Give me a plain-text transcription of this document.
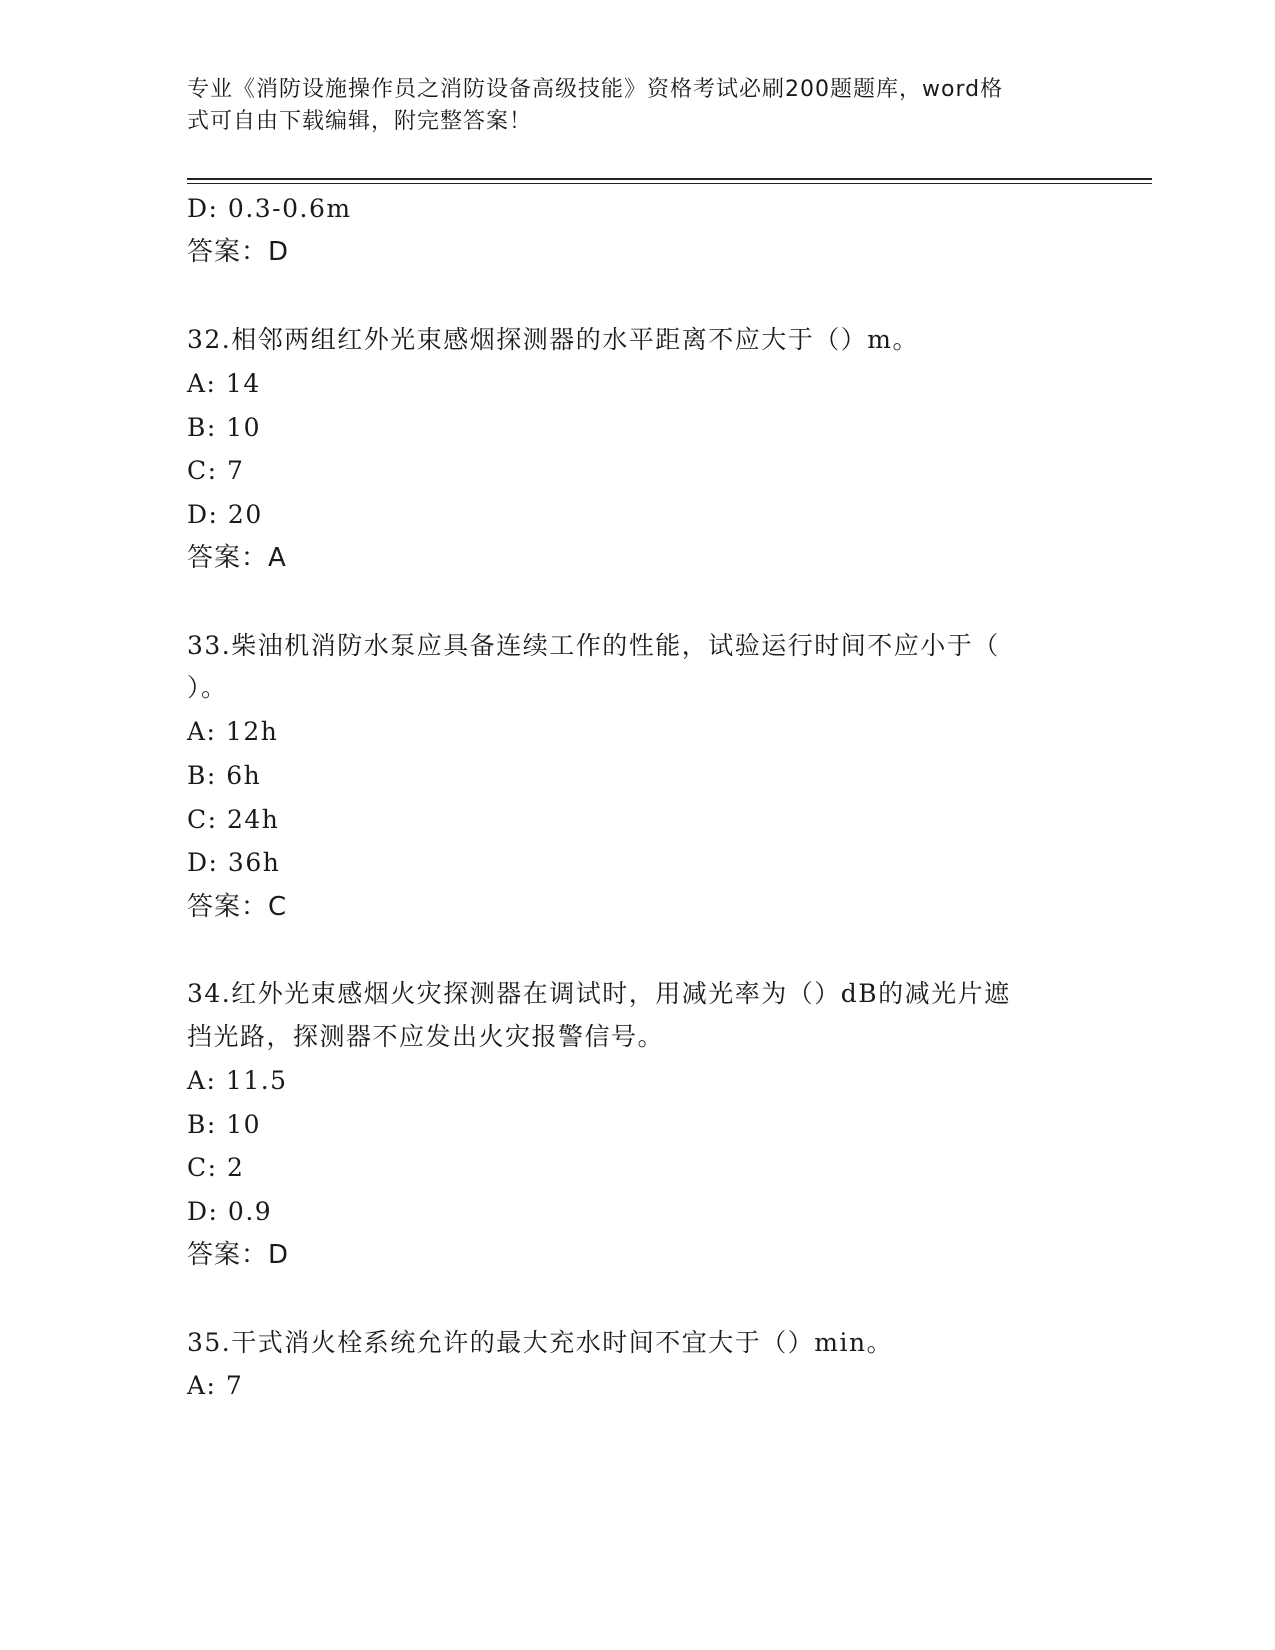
专业《消防设施操作员之消防设备高级技能》资格考试必刷200题题库，word格
式可自由下载编辑，附完整答案！
D: 0.3-0.6m
答案：D
32.相邻两组红外光束感烟探测器的水平距离不应大于（）m。
A: 14
B: 10
C: 7
D: 20
答案：A
33.柴油机消防水泵应具备连续工作的性能，试验运行时间不应小于（
）。
A: 12h
B: 6h
C: 24h
D: 36h
答案：C
34.红外光束感烟火灾探测器在调试时，用减光率为（）dB的减光片遮
挡光路，探测器不应发出火灾报警信号。
A: 11.5
B: 10
C: 2
D: 0.9
答案：D
35.干式消火栓系统允许的最大充水时间不宜大于（）min。
A: 7
